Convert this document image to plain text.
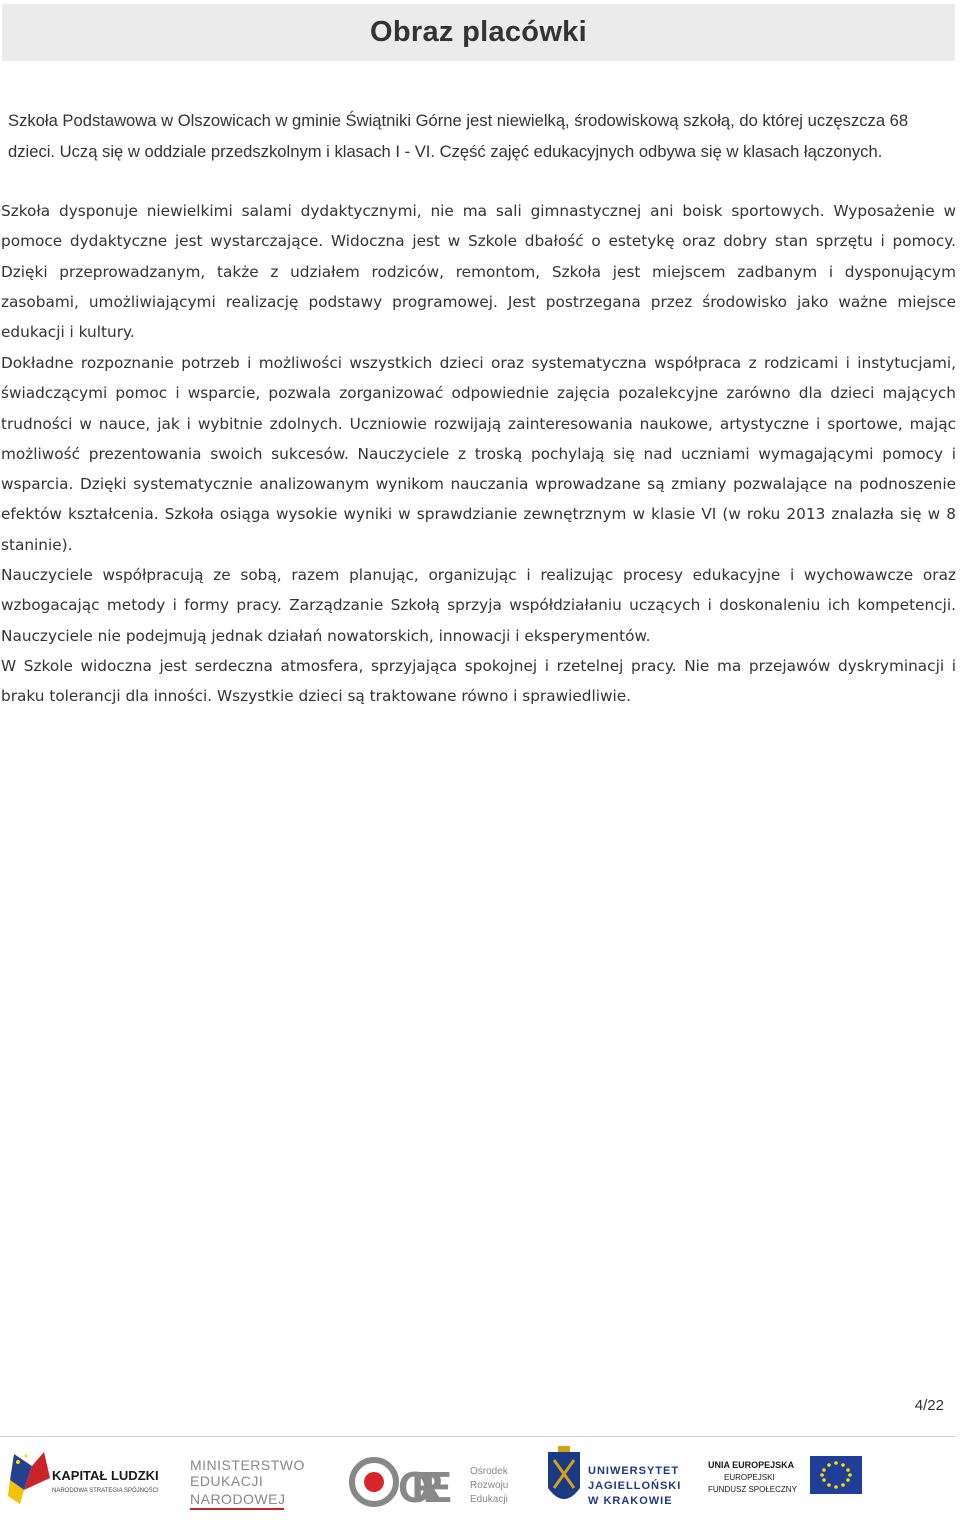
Obraz placówki

Szkoła Podstawowa w Olszowicach w gminie Świątniki Górne jest niewielką, środowiskową szkołą, do której uczęszcza 68 dzieci. Uczą się w oddziale przedszkolnym i klasach I - VI. Część zajęć edukacyjnych odbywa się w klasach łączonych.

Szkoła dysponuje niewielkimi salami dydaktycznymi, nie ma sali gimnastycznej ani boisk sportowych. Wyposażenie w pomoce dydaktyczne jest wystarczające. Widoczna jest w Szkole dbałość o estetykę oraz dobry stan sprzętu i pomocy. Dzięki przeprowadzanym, także z udziałem rodziców, remontom, Szkoła jest miejscem zadbanym i dysponującym zasobami, umożliwiającymi realizację podstawy programowej. Jest postrzegana przez środowisko jako ważne miejsce edukacji i kultury.

Dokładne rozpoznanie potrzeb i możliwości wszystkich dzieci oraz systematyczna współpraca z rodzicami i instytucjami, świadczącymi pomoc i wsparcie, pozwala zorganizować odpowiednie zajęcia pozalekcyjne zarówno dla dzieci mających trudności w nauce, jak i wybitnie zdolnych. Uczniowie rozwijają zainteresowania naukowe, artystyczne i sportowe, mając możliwość prezentowania swoich sukcesów. Nauczyciele z troską pochylają się nad uczniami wymagającymi pomocy i wsparcia. Dzięki systematycznie analizowanym wynikom nauczania wprowadzane są zmiany pozwalające na podnoszenie efektów kształcenia. Szkoła osiąga wysokie wyniki w sprawdzianie zewnętrznym w klasie VI (w roku 2013 znalazła się w 8 staninie).

Nauczyciele współpracują ze sobą, razem planując, organizując i realizując procesy edukacyjne i wychowawcze oraz wzbogacając metody i formy pracy. Zarządzanie Szkołą sprzyja współdziałaniu uczących i doskonaleniu ich kompetencji. Nauczyciele nie podejmują jednak działań nowatorskich, innowacji i eksperymentów.

W Szkole widoczna jest serdeczna atmosfera, sprzyjająca spokojnej i rzetelnej pracy. Nie ma przejawów dyskryminacji i braku tolerancji dla inności. Wszystkie dzieci są traktowane równo i sprawiedliwie.

4/22
KAPITAŁ LUDZKI
NARODOWA STRATEGIA SPÓJNOŚCI
MINISTERSTWO
EDUKACJI
NARODOWEJ	ORE Ośrodek
Rozwoju
Edukacji
UNIWERSYTET
JAGIELLOŃSKI
W KRAKOWIE
UNIA EUROPEJSKA
EUROPEJSKI
FUNDUSZ SPOŁECZNY
